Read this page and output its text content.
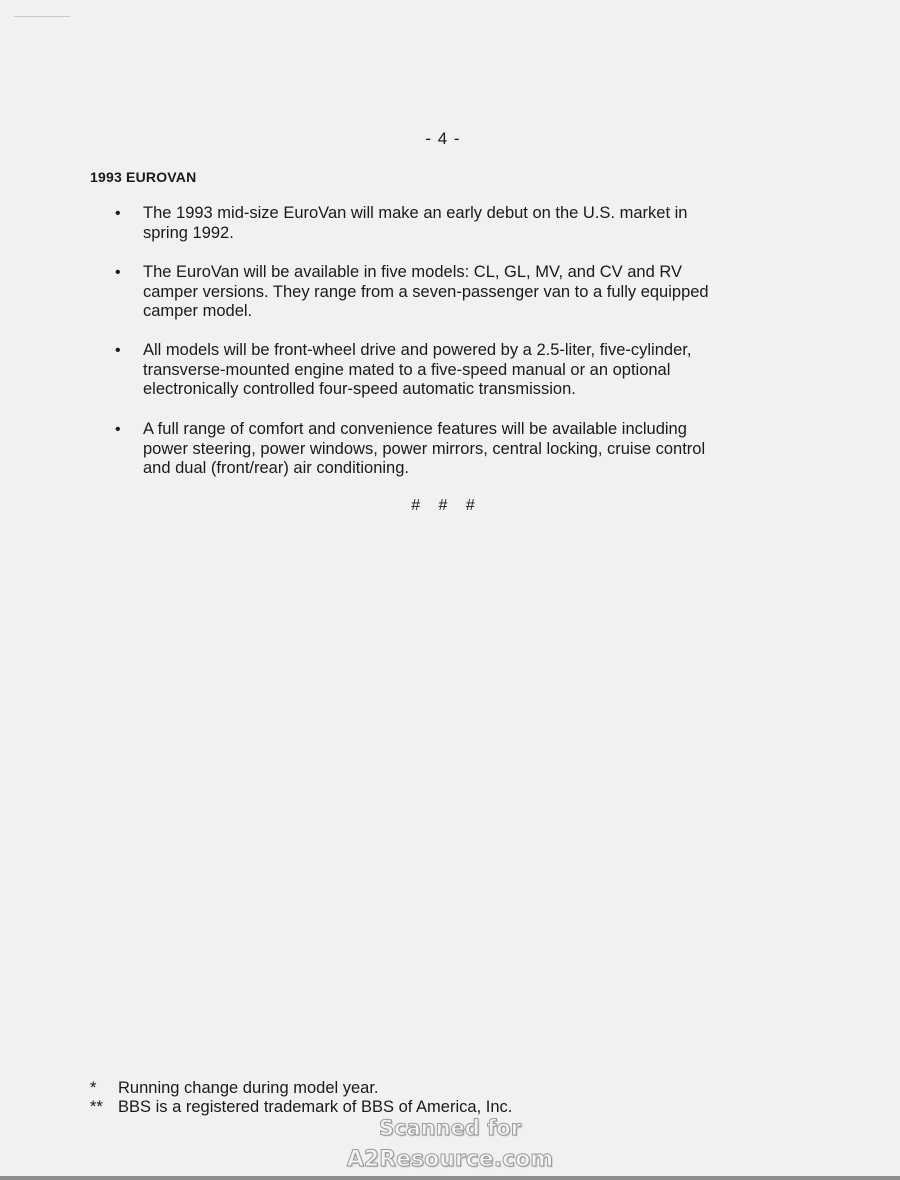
- 4 -
1993 EUROVAN
•	The 1993 mid-size EuroVan will make an early debut on the U.S. market in
spring 1992.
•	The EuroVan will be available in five models: CL, GL, MV, and CV and RV
camper versions. They range from a seven-passenger van to a fully equipped
camper model.
•	All models will be front-wheel drive and powered by a 2.5-liter, five-cylinder,
transverse-mounted engine mated to a five-speed manual or an optional
electronically controlled four-speed automatic transmission.
•	A full range of comfort and convenience features will be available including
power steering, power windows, power mirrors, central locking, cruise control
and dual (front/rear) air conditioning.
# # #
* Running change during model year.
** BBS is a registered trademark of BBS of America, Inc.
Scanned for
A2Resource.com
